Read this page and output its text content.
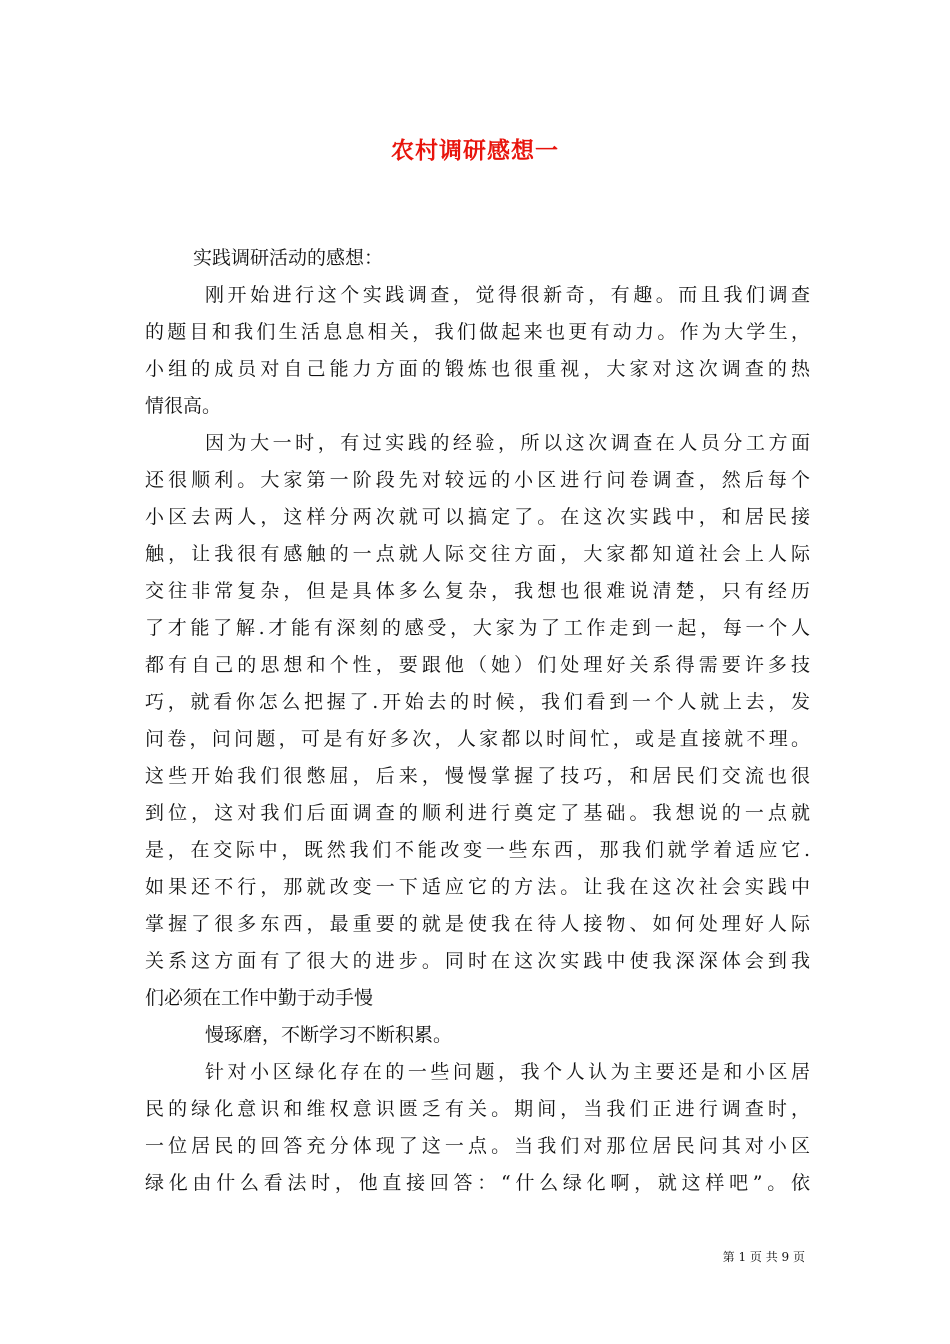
农村调研感想一
实践调研活动的感想：
刚开始进行这个实践调查，觉得很新奇，有趣。而且我们调查
的题目和我们生活息息相关，我们做起来也更有动力。作为大学生，
小组的成员对自己能力方面的锻炼也很重视，大家对这次调查的热
情很高。
因为大一时，有过实践的经验，所以这次调查在人员分工方面
还很顺利。大家第一阶段先对较远的小区进行问卷调查，然后每个
小区去两人，这样分两次就可以搞定了。在这次实践中，和居民接
触，让我很有感触的一点就人际交往方面，大家都知道社会上人际
交往非常复杂，但是具体多么复杂，我想也很难说清楚，只有经历
了才能了解.才能有深刻的感受，大家为了工作走到一起，每一个人
都有自己的思想和个性，要跟他（她）们处理好关系得需要许多技
巧，就看你怎么把握了.开始去的时候，我们看到一个人就上去，发
问卷，问问题，可是有好多次，人家都以时间忙，或是直接就不理。
这些开始我们很憋屈，后来，慢慢掌握了技巧，和居民们交流也很
到位，这对我们后面调查的顺利进行奠定了基础。我想说的一点就
是，在交际中，既然我们不能改变一些东西，那我们就学着适应它.
如果还不行，那就改变一下适应它的方法。让我在这次社会实践中
掌握了很多东西，最重要的就是使我在待人接物、如何处理好人际
关系这方面有了很大的进步。同时在这次实践中使我深深体会到我
们必须在工作中勤于动手慢
慢琢磨，不断学习不断积累。
针对小区绿化存在的一些问题，我个人认为主要还是和小区居
民的绿化意识和维权意识匮乏有关。期间，当我们正进行调查时，
一位居民的回答充分体现了这一点。当我们对那位居民问其对小区
绿化由什么看法时，他直接回答：“什么绿化啊，就这样吧”。依
第 1 页 共 9 页
